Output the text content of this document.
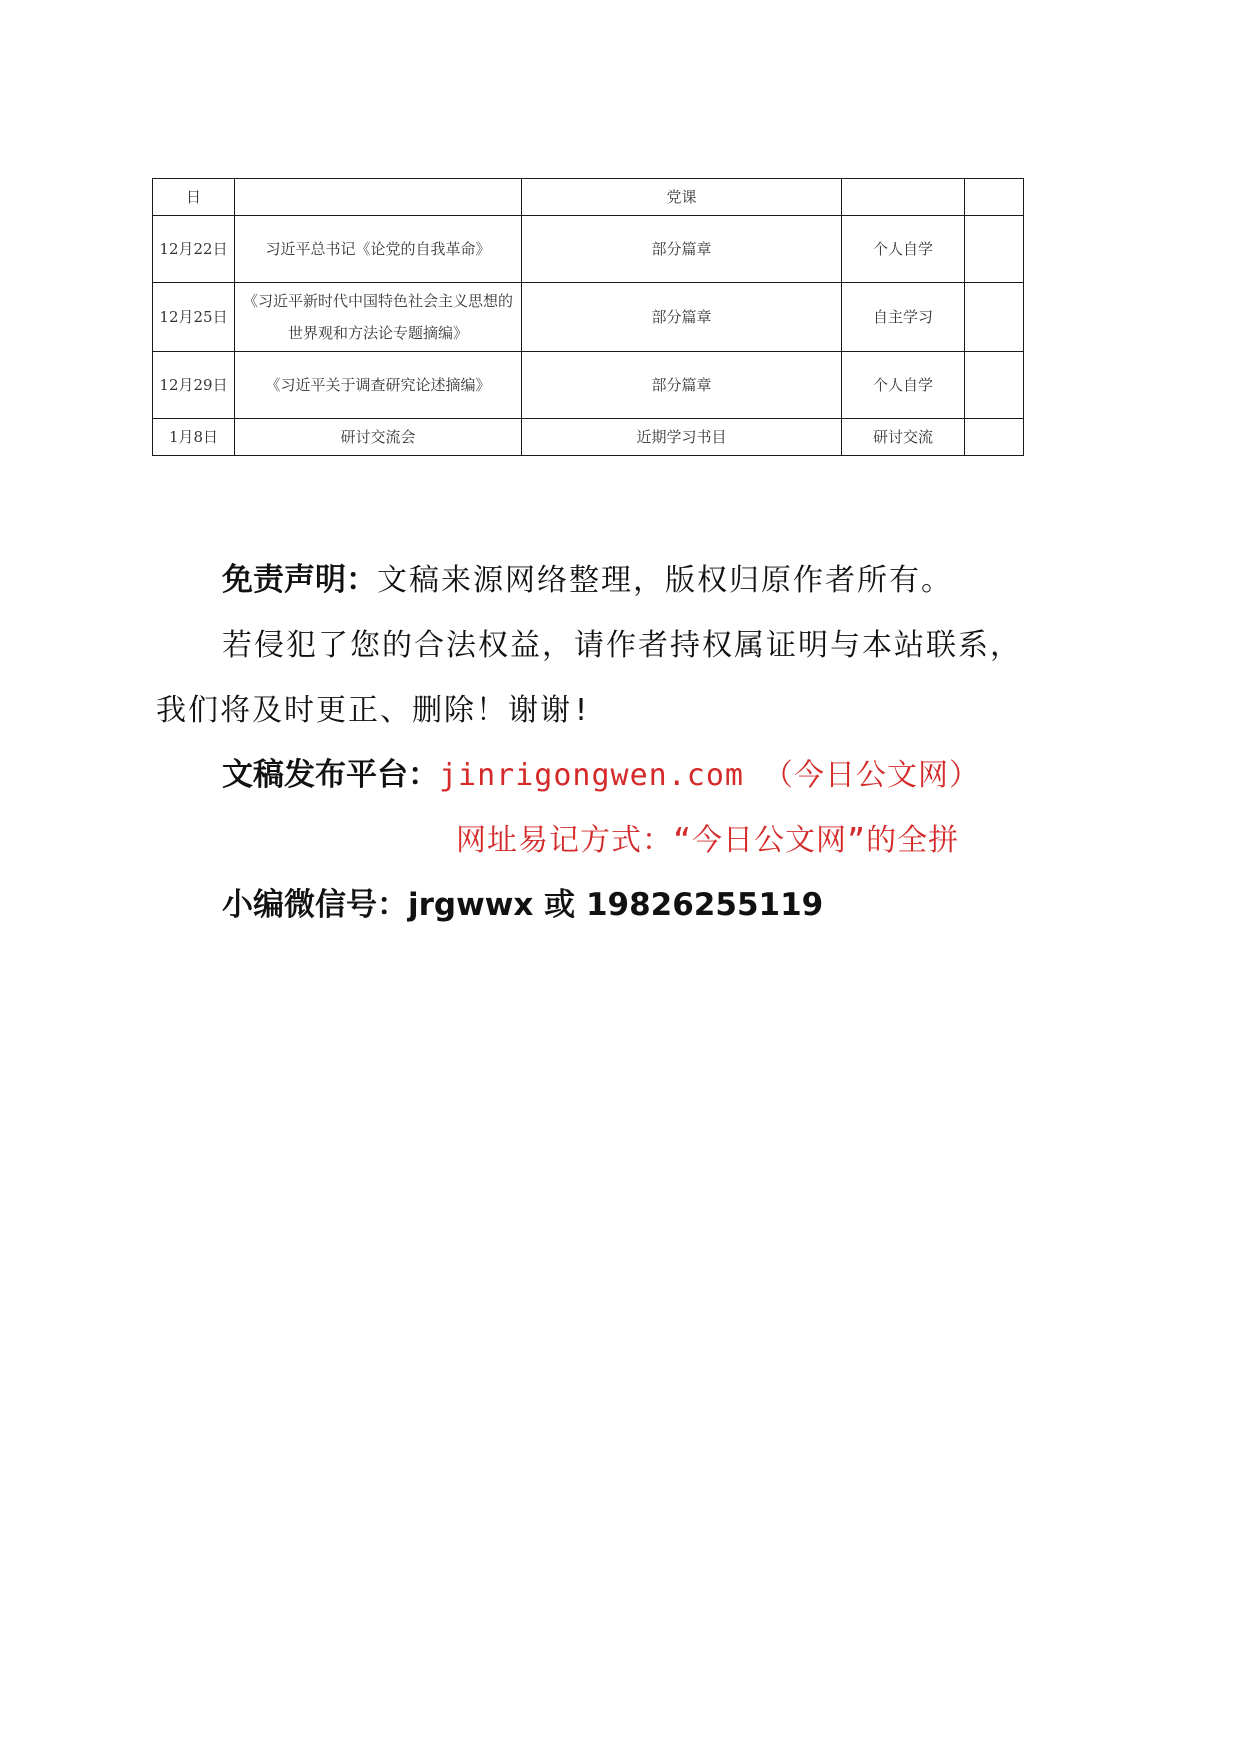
日		党课		
12月22日	习近平总书记《论党的自我革命》	部分篇章	个人自学	
12月25日	《习近平新时代中国特色社会主义思想的世界观和方法论专题摘编》	部分篇章	自主学习	
12月29日	《习近平关于调查研究论述摘编》	部分篇章	个人自学	
1月8日	研讨交流会	近期学习书目	研讨交流	

免责声明：文稿来源网络整理，版权归原作者所有。

若侵犯了您的合法权益，请作者持权属证明与本站联系，

我们将及时更正、删除！谢谢!

文稿发布平台：jinrigongwen.com （今日公文网）

网址易记方式：“今日公文网”的全拼

小编微信号：jrgwwx 或 19826255119
